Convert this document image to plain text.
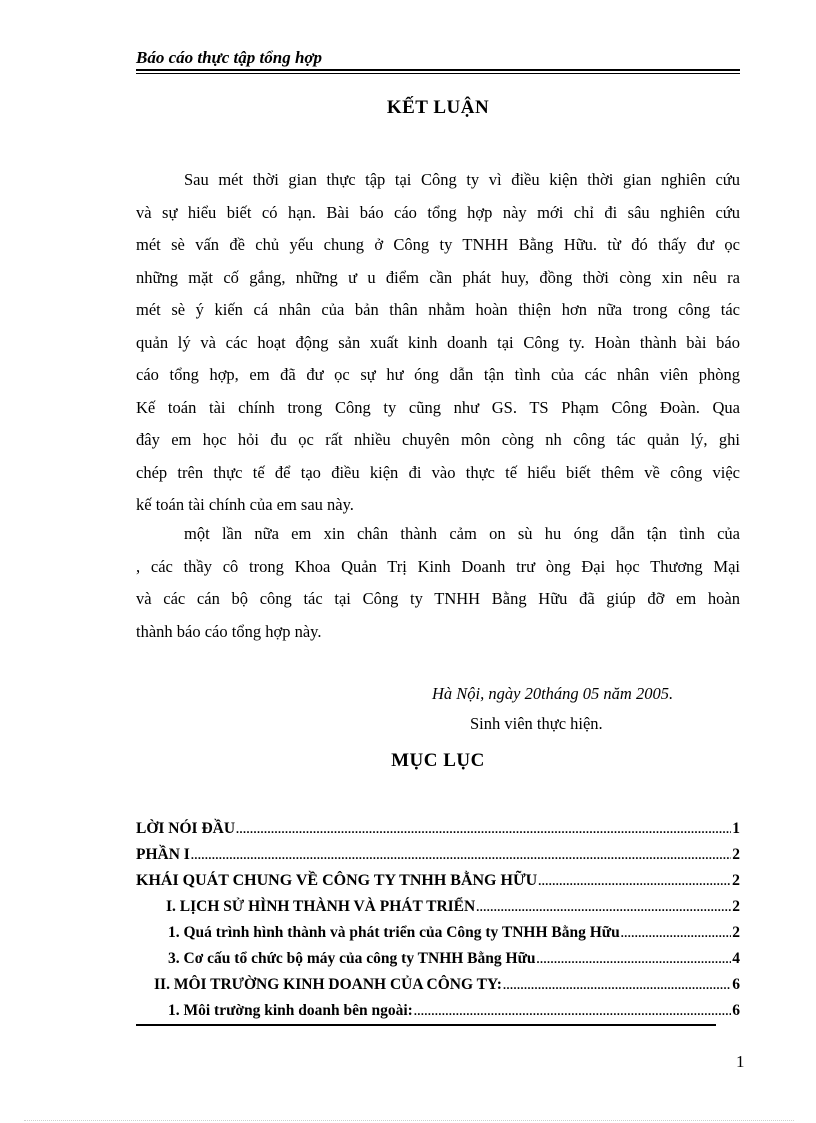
Báo cáo thực tập tổng hợp
KẾT LUẬN
Sau mét thời gian thực tập tại Công ty vì điều kiện thời gian nghiên cứu
và sự hiểu biết có hạn. Bài báo cáo tổng hợp này mới chỉ đi sâu nghiên cứu
mét sè vấn đề chủ yếu chung ở Công ty TNHH Bằng Hữu. từ đó thấy đư ọc
những mặt cố gắng, những ư u điểm cần phát huy, đồng thời còng xin nêu ra
mét sè ý kiến cá nhân của bản thân nhằm hoàn thiện hơn nữa trong công tác
quản lý và các hoạt động sản xuất kinh doanh tại Công ty. Hoàn thành bài báo
cáo tổng hợp, em đã đư ọc sự hư óng dẫn tận tình của các nhân viên phòng
Kế toán tài chính trong Công ty cũng như GS. TS Phạm Công Đoàn. Qua
đây em học hỏi đu ọc rất nhiều chuyên môn còng nh công tác quản lý, ghi
chép trên thực tế để tạo điều kiện đi vào thực tế hiểu biết thêm về công việc
kế toán tài chính của em sau này.
một lần nữa em xin chân thành cảm on sù hu óng dẫn tận tình của
, các thầy cô trong Khoa Quản Trị Kinh Doanh trư òng Đại học Thương Mại
và các cán bộ công tác tại Công ty TNHH Bằng Hữu đã giúp đỡ em hoàn
thành báo cáo tổng hợp này.
Hà Nội, ngày 20tháng 05 năm 2005.
Sinh viên thực hiện.
MỤC LỤC
LỜI NÓI ĐẦU .....	1
PHẦN I .....	2
KHÁI QUÁT CHUNG VỀ CÔNG TY TNHH BẰNG HỮU .....	2
I. LỊCH SỬ HÌNH THÀNH VÀ PHÁT TRIỂN .....	2
1. Quá trình hình thành và phát triển của Công ty TNHH Bằng Hữu .....	2
3. Cơ cấu tổ chức bộ máy của công ty TNHH Bằng Hữu .....	4
II. MÔI TRƯỜNG KINH DOANH CỦA CÔNG TY: .....	6
1. Môi trường kinh doanh bên ngoài: .....	6
1
